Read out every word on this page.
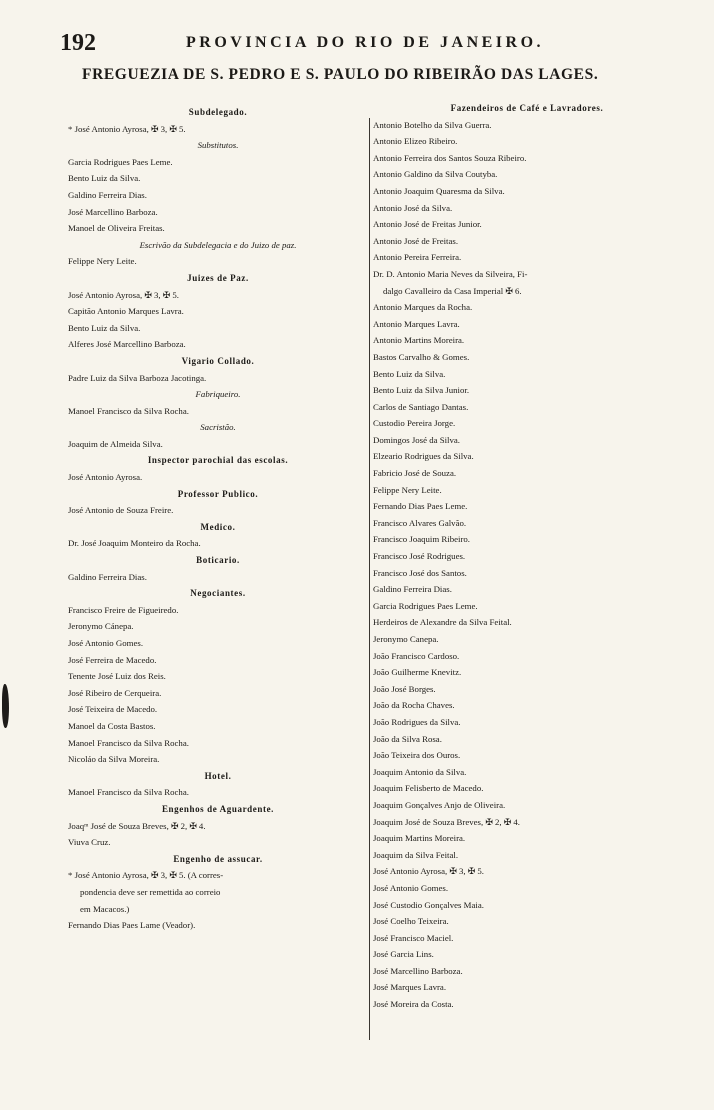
192	PROVINCIA DO RIO DE JANEIRO.
FREGUEZIA DE S. PEDRO E S. PAULO DO RIBEIRÃO DAS LAGES.
Subdelegado.
* José Antonio Ayrosa, ✠ 3, ✠ 5.
Substitutos.
Garcia Rodrigues Paes Leme.
Bento Luiz da Silva.
Galdino Ferreira Dias.
José Marcellino Barboza.
Manoel de Oliveira Freitas.
Escrivão da Subdelegacia e do Juizo de paz.
Felippe Nery Leite.
Juizes de Paz.
José Antonio Ayrosa, ✠ 3, ✠ 5.
Capitão Antonio Marques Lavra.
Bento Luiz da Silva.
Alferes José Marcellino Barboza.
Vigario Collado.
Padre Luiz da Silva Barboza Jacotinga.
Fabriqueiro.
Manoel Francisco da Silva Rocha.
Sacristão.
Joaquim de Almeida Silva.
Inspector parochial das escolas.
José Antonio Ayrosa.
Professor Publico.
José Antonio de Souza Freire.
Medico.
Dr. José Joaquim Monteiro da Rocha.
Boticario.
Galdino Ferreira Dias.
Negociantes.
Francisco Freire de Figueiredo.
Jeronymo Cánepa.
José Antonio Gomes.
José Ferreira de Macedo.
Tenente José Luiz dos Reis.
José Ribeiro de Cerqueira.
José Teixeira de Macedo.
Manoel da Costa Bastos.
Manoel Francisco da Silva Rocha.
Nicoláo da Silva Moreira.
Hotel.
Manoel Francisco da Silva Rocha.
Engenhos de Aguardente.
Joaqᵐ José de Souza Breves, ✠ 2, ✠ 4.
Viuva Cruz.
Engenho de assucar.
* José Antonio Ayrosa, ✠ 3, ✠ 5. (A corres-
pondencia deve ser remettida ao correio
em Macacos.)
Fernando Dias Paes Lame (Veador).
Fazendeiros de Café e Lavradores.
Antonio Botelho da Silva Guerra.
Antonio Elizeo Ribeiro.
Antonio Ferreira dos Santos Souza Ribeiro.
Antonio Galdino da Silva Coutyba.
Antonio Joaquim Quaresma da Silva.
Antonio José da Silva.
Antonio José de Freitas Junior.
Antonio José de Freitas.
Antonio Pereira Ferreira.
Dr. D. Antonio Maria Neves da Silveira, Fi-
dalgo Cavalleiro da Casa Imperial ✠ 6.
Antonio Marques da Rocha.
Antonio Marques Lavra.
Antonio Martins Moreira.
Bastos Carvalho & Gomes.
Bento Luiz da Silva.
Bento Luiz da Silva Junior.
Carlos de Santiago Dantas.
Custodio Pereira Jorge.
Domingos José da Silva.
Elzeario Rodrigues da Silva.
Fabricio José de Souza.
Felippe Nery Leite.
Fernando Dias Paes Leme.
Francisco Alvares Galvão.
Francisco Joaquim Ribeiro.
Francisco José Rodrigues.
Francisco José dos Santos.
Galdino Ferreira Dias.
Garcia Rodrigues Paes Leme.
Herdeiros de Alexandre da Silva Feital.
Jeronymo Canepa.
João Francisco Cardoso.
João Guilherme Knevitz.
João José Borges.
João da Rocha Chaves.
João Rodrigues da Silva.
João da Silva Rosa.
João Teixeira dos Ouros.
Joaquim Antonio da Silva.
Joaquim Felisberto de Macedo.
Joaquim Gonçalves Anjo de Oliveira.
Joaquim José de Souza Breves, ✠ 2, ✠ 4.
Joaquim Martins Moreira.
Joaquim da Silva Feital.
José Antonio Ayrosa, ✠ 3, ✠ 5.
José Antonio Gomes.
José Custodio Gonçalves Maia.
José Coelho Teixeira.
José Francisco Maciel.
José Garcia Lins.
José Marcellino Barboza.
José Marques Lavra.
José Moreira da Costa.
